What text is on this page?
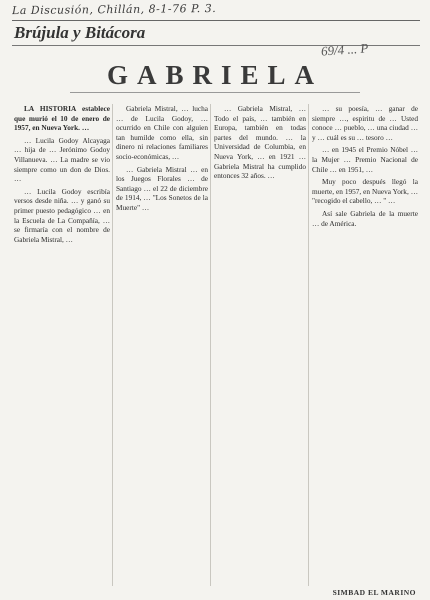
La Discusión, Chillán, 8-1-76 P. 3.
Brújula y Bitácora
69/4 ... P
GABRIELA

LA HISTORIA establece que murió el 10 de enero de 1957, en Nueva York. …

… Lucila Godoy Alcayaga … hija de … Jerónimo Godoy Villanueva. … La madre se vio siempre como un don de Dios. …

… Lucila Godoy escribía versos desde niña. … y ganó su primer puesto pedagógico … en la Escuela de La Compañía, … se firmaría con el nombre de Gabriela Mistral, …

Gabriela Mistral, … lucha … de Lucila Godoy, … ocurrido en Chile con alguien tan humilde como ella, sin dinero ni relaciones familiares socio-económicas, …

… Gabriela Mistral … en los Juegos Florales … de Santiago … el 22 de diciembre de 1914, … "Los Sonetos de la Muerte" …

… Gabriela Mistral, … Todo el país, … también en Europa, también en todas partes del mundo. … la Universidad de Columbia, en Nueva York, … en 1921 … Gabriela Mistral ha cumplido entonces 32 años. …

… su poesía, … ganar de siempre …, espiritu de … Usted conoce … pueblo, … una ciudad … y … cuál es su … tesoro …

… en 1945 el Premio Nóbel … la Mujer … Premio Nacional de Chile … en 1951, …

Muy poco después llegó la muerte, en 1957, en Nueva York, … "recogido el cabello, … " …

Así sale Gabriela de la muerte … de América.

SIMBAD EL MARINO
